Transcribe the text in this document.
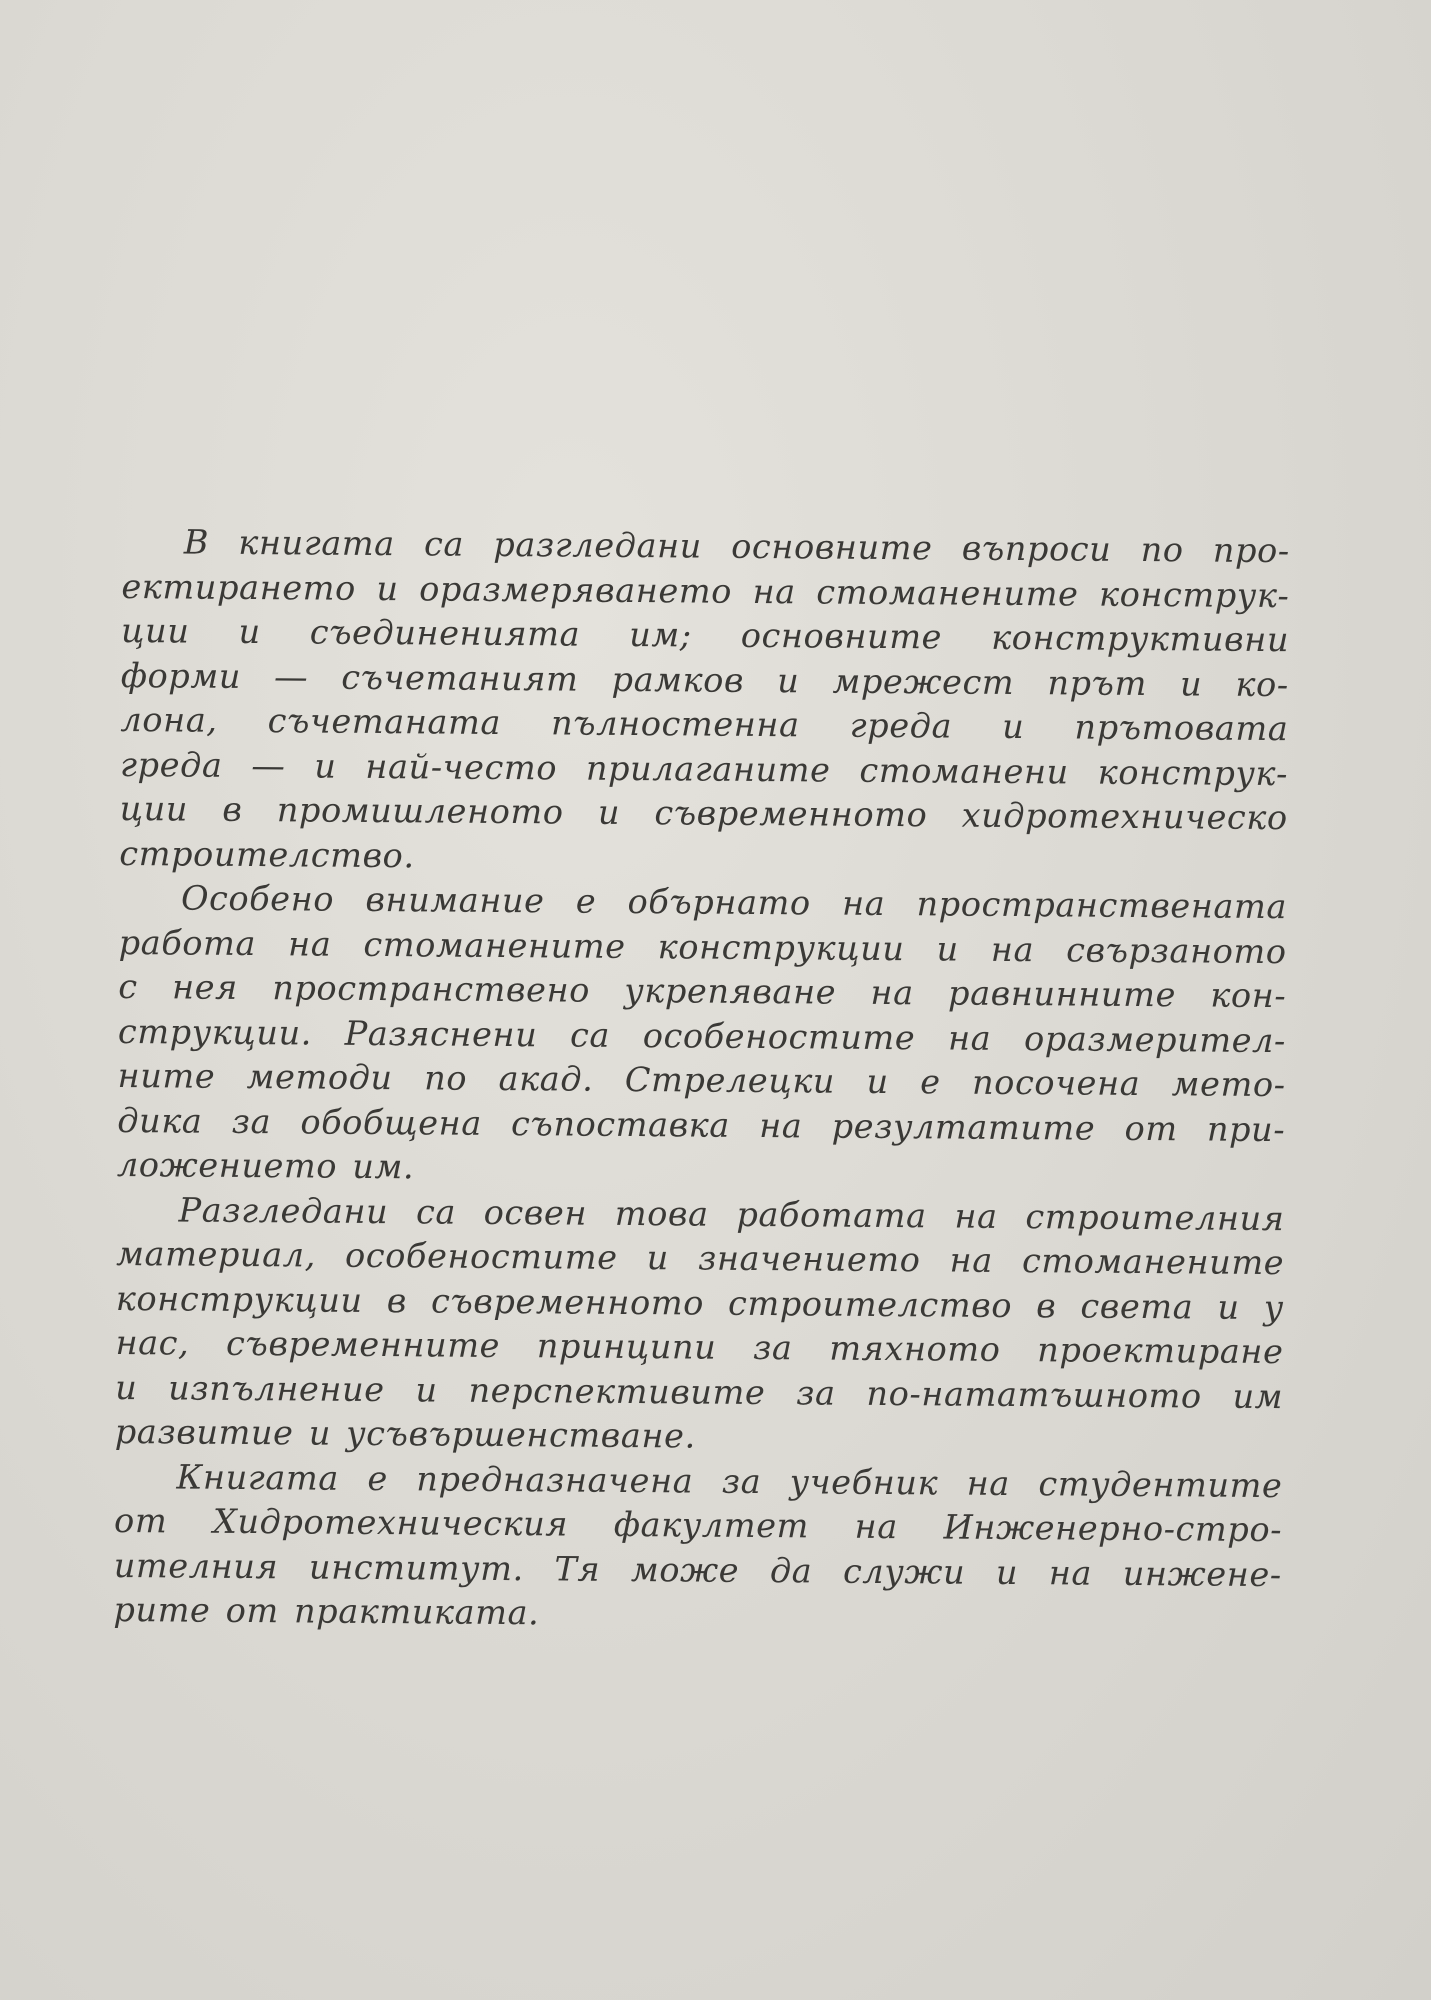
В книгата са разгледани основните въпроси по про-
ектирането и оразмеряването на стоманените конструк-
ции и съединенията им; основните конструктивни
форми — съчетаният рамков и мрежест прът и ко-
лона, съчетаната пълностенна греда и прътовата
греда — и най-често прилаганите стоманени конструк-
ции в промишленото и съвременното хидротехническо
строителство.

Особено внимание е обърнато на пространствената
работа на стоманените конструкции и на свързаното
с нея пространствено укрепяване на равнинните кон-
струкции. Разяснени са особеностите на оразмерител-
ните методи по акад. Стрелецки и е посочена мето-
дика за обобщена съпоставка на резултатите от при-
ложението им.

Разгледани са освен това работата на строителния
материал, особеностите и значението на стоманените
конструкции в съвременното строителство в света и у
нас, съвременните принципи за тяхното проектиране
и изпълнение и перспективите за по-нататъшното им
развитие и усъвършенстване.

Книгата е предназначена за учебник на студентите
от Хидротехническия факултет на Инженерно-стро-
ителния институт. Тя може да служи и на инжене-
рите от практиката.
